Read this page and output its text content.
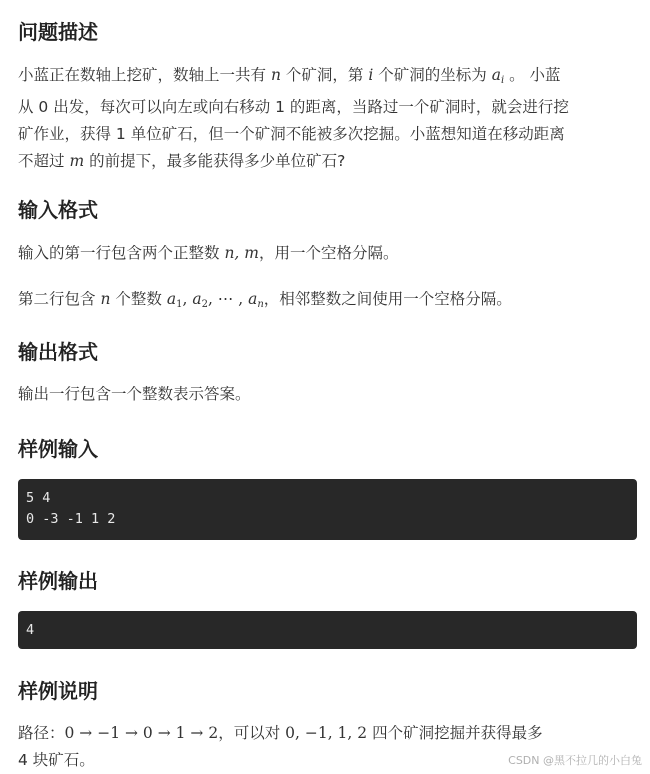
问题描述

小蓝正在数轴上挖矿，数轴上一共有 n 个矿洞，第 i 个矿洞的坐标为 $a_i$ 。 小蓝
从 0 出发，每次可以向左或向右移动 1 的距离，当路过一个矿洞时，就会进行挖
矿作业，获得 1 单位矿石，但一个矿洞不能被多次挖掘。小蓝想知道在移动距离
不超过 m 的前提下，最多能获得多少单位矿石?

输入格式

输入的第一行包含两个正整数 n, m，用一个空格分隔。

第二行包含 n 个整数 $a_1$, $a_2$, ⋯ , $a_n$，相邻整数之间使用一个空格分隔。

输出格式

输出一行包含一个整数表示答案。

样例输入
5 4
0 -3 -1 1 2
样例输出
4
样例说明

路径：0 → −1 → 0 → 1 → 2，可以对 0, −1, 1, 2 四个矿洞挖掘并获得最多
4 块矿石。	CSDN @黑不拉几的小白兔
